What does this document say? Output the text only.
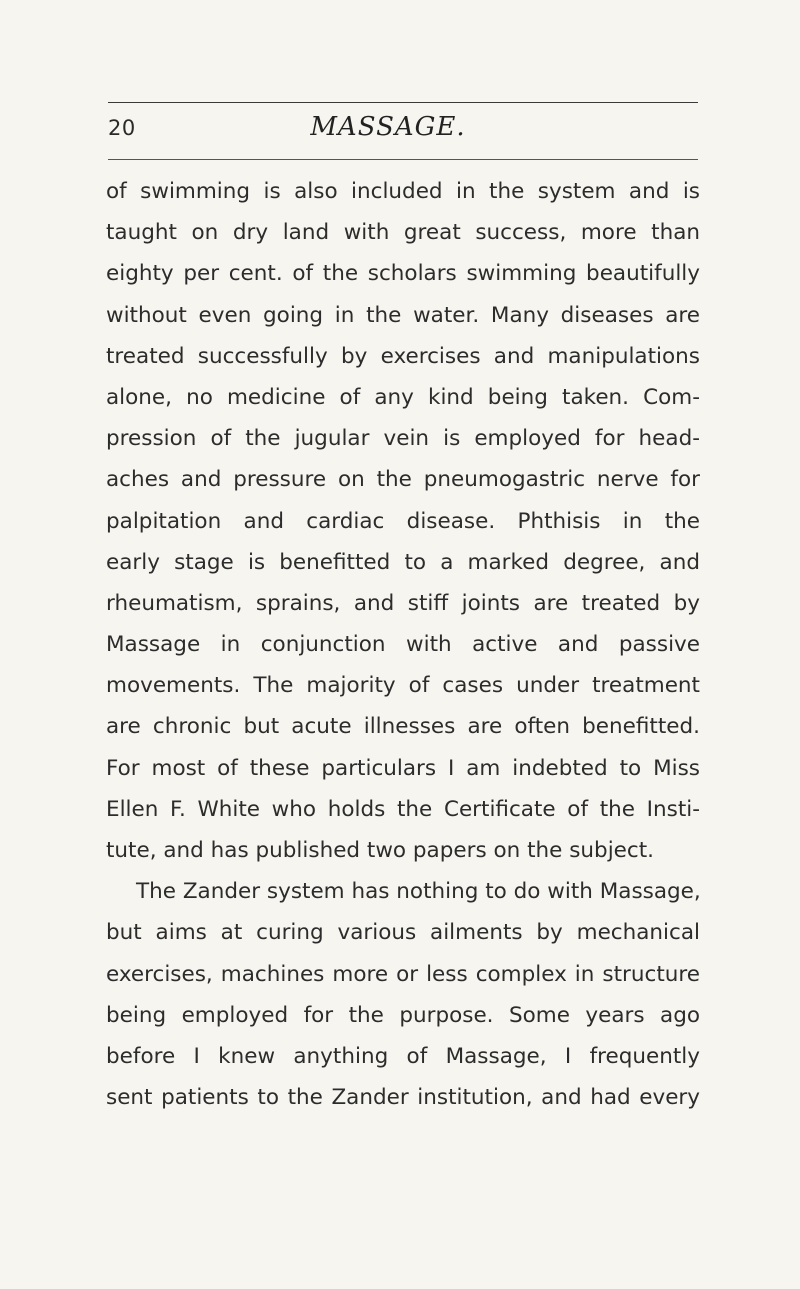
20	MASSAGE.
of swimming is also included in the system and is
taught on dry land with great success, more than
eighty per cent. of the scholars swimming beautifully
without even going in the water. Many diseases are
treated successfully by exercises and manipulations
alone, no medicine of any kind being taken. Com-
pression of the jugular vein is employed for head-
aches and pressure on the pneumogastric nerve for
palpitation and cardiac disease. Phthisis in the
early stage is benefitted to a marked degree, and
rheumatism, sprains, and stiff joints are treated by
Massage in conjunction with active and passive
movements. The majority of cases under treatment
are chronic but acute illnesses are often benefitted.
For most of these particulars I am indebted to Miss
Ellen F. White who holds the Certificate of the Insti-
tute, and has published two papers on the subject.
The Zander system has nothing to do with Massage,
but aims at curing various ailments by mechanical
exercises, machines more or less complex in structure
being employed for the purpose. Some years ago
before I knew anything of Massage, I frequently
sent patients to the Zander institution, and had every
